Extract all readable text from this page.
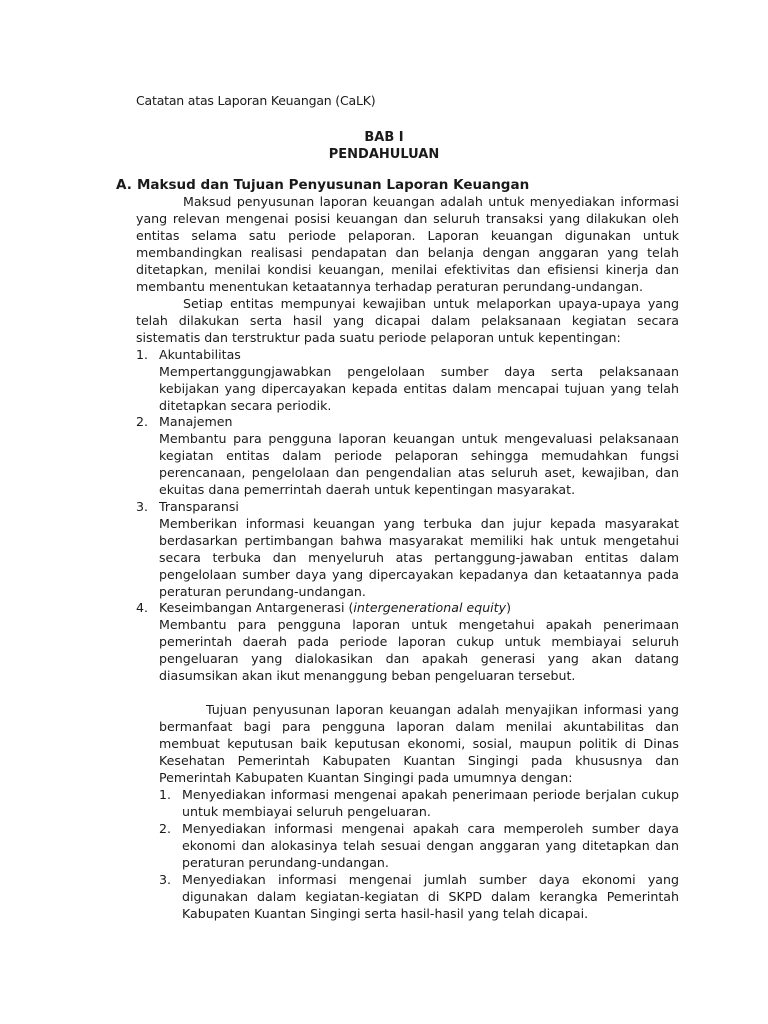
Catatan atas Laporan Keuangan (CaLK)
BAB I
PENDAHULUAN
A. Maksud dan Tujuan Penyusunan Laporan Keuangan
Maksud penyusunan laporan keuangan adalah untuk menyediakan informasi yang relevan mengenai posisi keuangan dan seluruh transaksi yang dilakukan oleh entitas selama satu periode pelaporan. Laporan keuangan digunakan untuk membandingkan realisasi pendapatan dan belanja dengan anggaran yang telah ditetapkan, menilai kondisi keuangan, menilai efektivitas dan efisiensi kinerja dan membantu menentukan ketaatannya terhadap peraturan perundang-undangan.
Setiap entitas mempunyai kewajiban untuk melaporkan upaya-upaya yang telah dilakukan serta hasil yang dicapai dalam pelaksanaan kegiatan secara sistematis dan terstruktur pada suatu periode pelaporan untuk kepentingan:
1. Akuntabilitas
Mempertanggungjawabkan pengelolaan sumber daya serta pelaksanaan kebijakan yang dipercayakan kepada entitas dalam mencapai tujuan yang telah ditetapkan secara periodik.
2. Manajemen
Membantu para pengguna laporan keuangan untuk mengevaluasi pelaksanaan kegiatan entitas dalam periode pelaporan sehingga memudahkan fungsi perencanaan, pengelolaan dan pengendalian atas seluruh aset, kewajiban, dan ekuitas dana pemerrintah daerah untuk kepentingan masyarakat.
3. Transparansi
Memberikan informasi keuangan yang terbuka dan jujur kepada masyarakat berdasarkan pertimbangan bahwa masyarakat memiliki hak untuk mengetahui secara terbuka dan menyeluruh atas pertanggung-jawaban entitas dalam pengelolaan sumber daya yang dipercayakan kepadanya dan ketaatannya pada peraturan perundang-undangan.
4. Keseimbangan Antargenerasi (intergenerational equity)
Membantu para pengguna laporan untuk mengetahui apakah penerimaan pemerintah daerah pada periode laporan cukup untuk membiayai seluruh pengeluaran yang dialokasikan dan apakah generasi yang akan datang diasumsikan akan ikut menanggung beban pengeluaran tersebut.
Tujuan penyusunan laporan keuangan adalah menyajikan informasi yang bermanfaat bagi para pengguna laporan dalam menilai akuntabilitas dan membuat keputusan baik keputusan ekonomi, sosial, maupun politik di Dinas Kesehatan Pemerintah Kabupaten Kuantan Singingi pada khususnya dan Pemerintah Kabupaten Kuantan Singingi pada umumnya dengan:
1. Menyediakan informasi mengenai apakah penerimaan periode berjalan cukup untuk membiayai seluruh pengeluaran.
2. Menyediakan informasi mengenai apakah cara memperoleh sumber daya ekonomi dan alokasinya telah sesuai dengan anggaran yang ditetapkan dan peraturan perundang-undangan.
3. Menyediakan informasi mengenai jumlah sumber daya ekonomi yang digunakan dalam kegiatan-kegiatan di SKPD dalam kerangka Pemerintah Kabupaten Kuantan Singingi serta hasil-hasil yang telah dicapai.
